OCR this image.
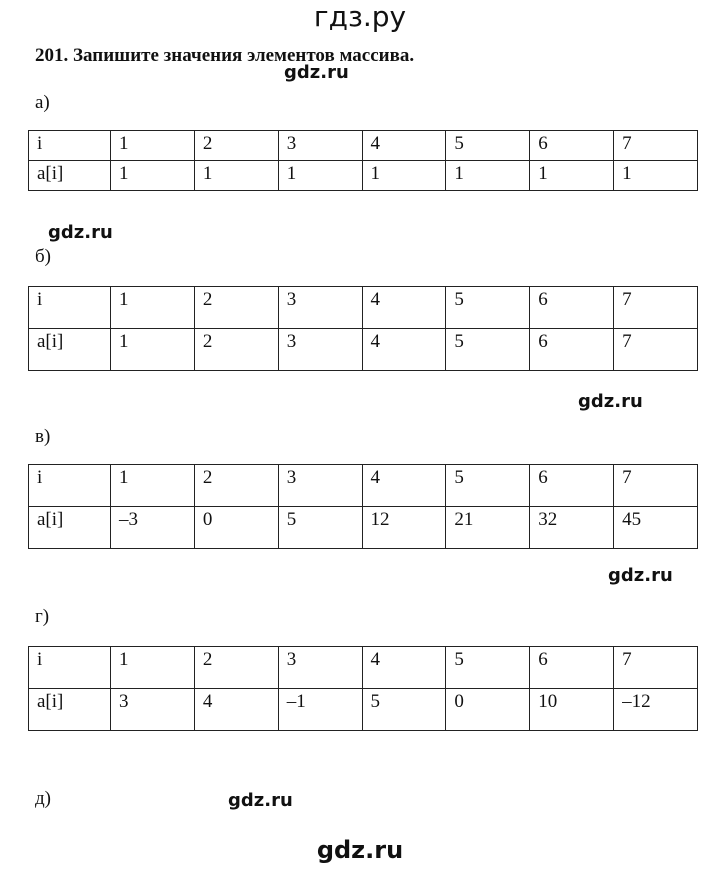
гдз.ру
201. Запишите значения элементов массива.
gdz.ru
а)
i	1	2	3	4	5	6	7
a[i]	1	1	1	1	1	1	1
gdz.ru
б)
i	1	2	3	4	5	6	7
a[i]	1	2	3	4	5	6	7
gdz.ru
в)
i	1	2	3	4	5	6	7
a[i]	–3	0	5	12	21	32	45
gdz.ru
г)
i	1	2	3	4	5	6	7
a[i]	3	4	–1	5	0	10	–12
д)	gdz.ru
gdz.ru
